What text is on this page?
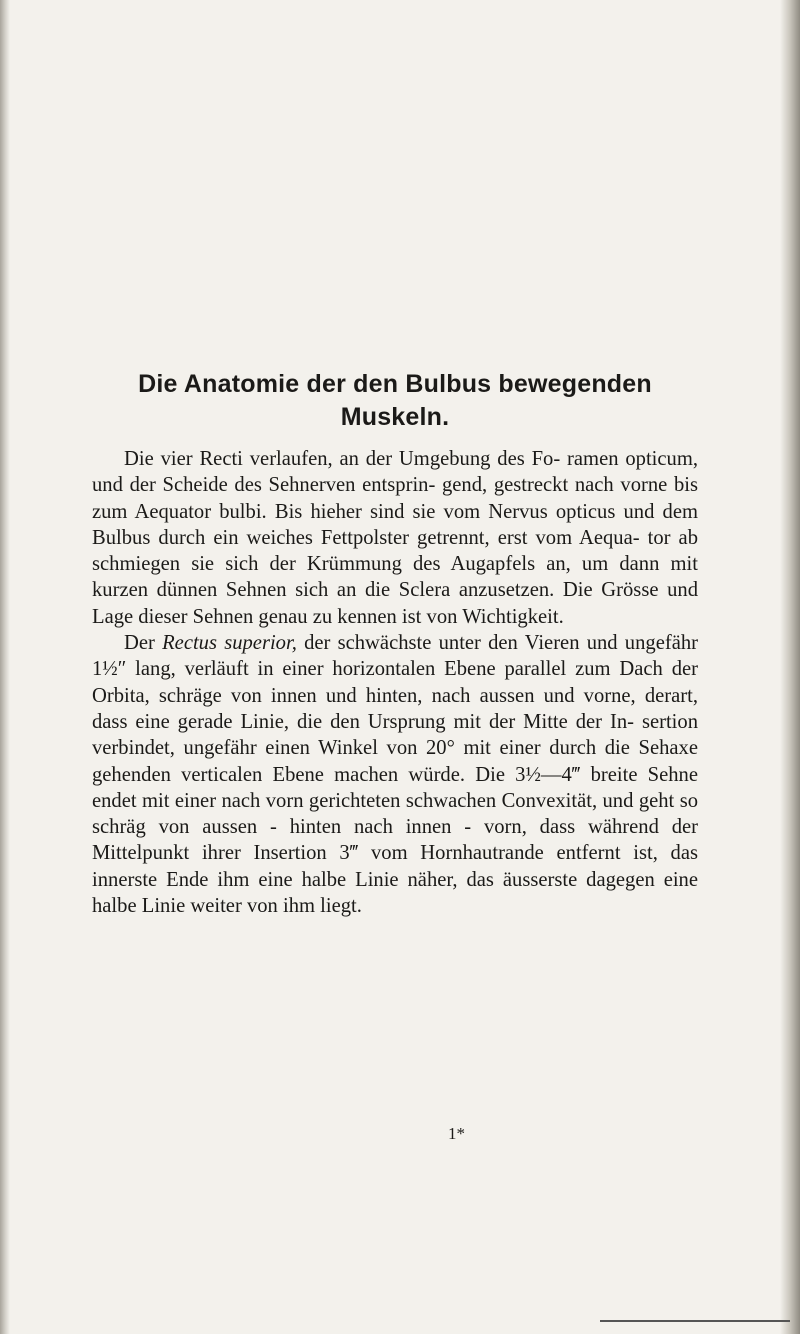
Die Anatomie der den Bulbus bewegenden
Muskeln.

Die vier Recti verlaufen, an der Umgebung des Fo- ramen opticum, und der Scheide des Sehnerven entsprin- gend, gestreckt nach vorne bis zum Aequator bulbi. Bis hieher sind sie vom Nervus opticus und dem Bulbus durch ein weiches Fettpolster getrennt, erst vom Aequa- tor ab schmiegen sie sich der Krümmung des Augapfels an, um dann mit kurzen dünnen Sehnen sich an die Sclera anzusetzen. Die Grösse und Lage dieser Sehnen genau zu kennen ist von Wichtigkeit.

Der Rectus superior, der schwächste unter den Vieren und ungefähr 1½″ lang, verläuft in einer horizontalen Ebene parallel zum Dach der Orbita, schräge von innen und hinten, nach aussen und vorne, derart, dass eine gerade Linie, die den Ursprung mit der Mitte der In- sertion verbindet, ungefähr einen Winkel von 20° mit einer durch die Sehaxe gehenden verticalen Ebene machen würde. Die 3½—4‴ breite Sehne endet mit einer nach vorn gerichteten schwachen Convexität, und geht so schräg von aussen - hinten nach innen - vorn, dass während der Mittelpunkt ihrer Insertion 3‴ vom Hornhautrande entfernt ist, das innerste Ende ihm eine halbe Linie näher, das äusserste dagegen eine halbe Linie weiter von ihm liegt.

1*
